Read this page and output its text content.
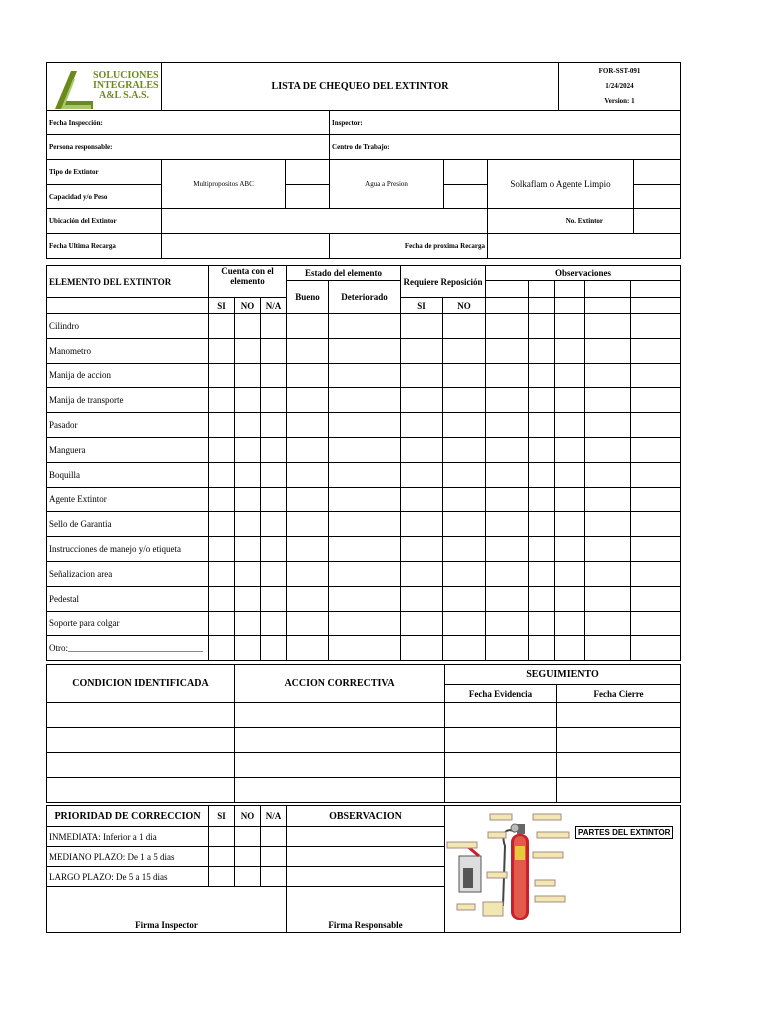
SOLUCIONES
INTEGRALES
A&L S.A.S.
	LISTA DE CHEQUEO DEL EXTINTOR	
FOR-SST-091
1/24/2024
Version: 1
Fecha Inspección:			Inspector:			
Persona responsable:			Centro de Trabajo:			
Tipo de Extintor	Multipropositos ABC		Agua a Presion		Solkaflam o Agente Limpio	
Capacidad y/o Peso						
Ubicación del Extintor					No. Extintor	
Fecha Ultima Recarga			Fecha de proxima Recarga			
ELEMENTO DEL EXTINTOR	Cuenta con el elemento			Estado del elemento		Requiere Reposición		Observaciones				
				Bueno	Deteriorado							
	SI	NO	N/A			SI	NO					
Cilindro												
Manometro												
Manija de accion												
Manija de transporte												
Pasador												
Manguera												
Boquilla												
Agente Extintor												
Sello de Garantia												
Instrucciones de manejo y/o etiqueta												
Señalizacion area												
Pedestal												
Soporte para colgar												
Otro:______________________________												
CONDICION IDENTIFICADA	ACCION CORRECTIVA	SEGUIMIENTO	
		Fecha Evidencia	Fecha Cierre

PRIORIDAD DE CORRECCION	SI	NO	N/A	OBSERVACION	PARTES DEL EXTINTOR

INMEDIATA: Inferior a 1 dia					
MEDIANO PLAZO: De 1 a 5 dias					
LARGO PLAZO: De 5 a 15 dias					
Firma Inspector				Firma Responsable	
